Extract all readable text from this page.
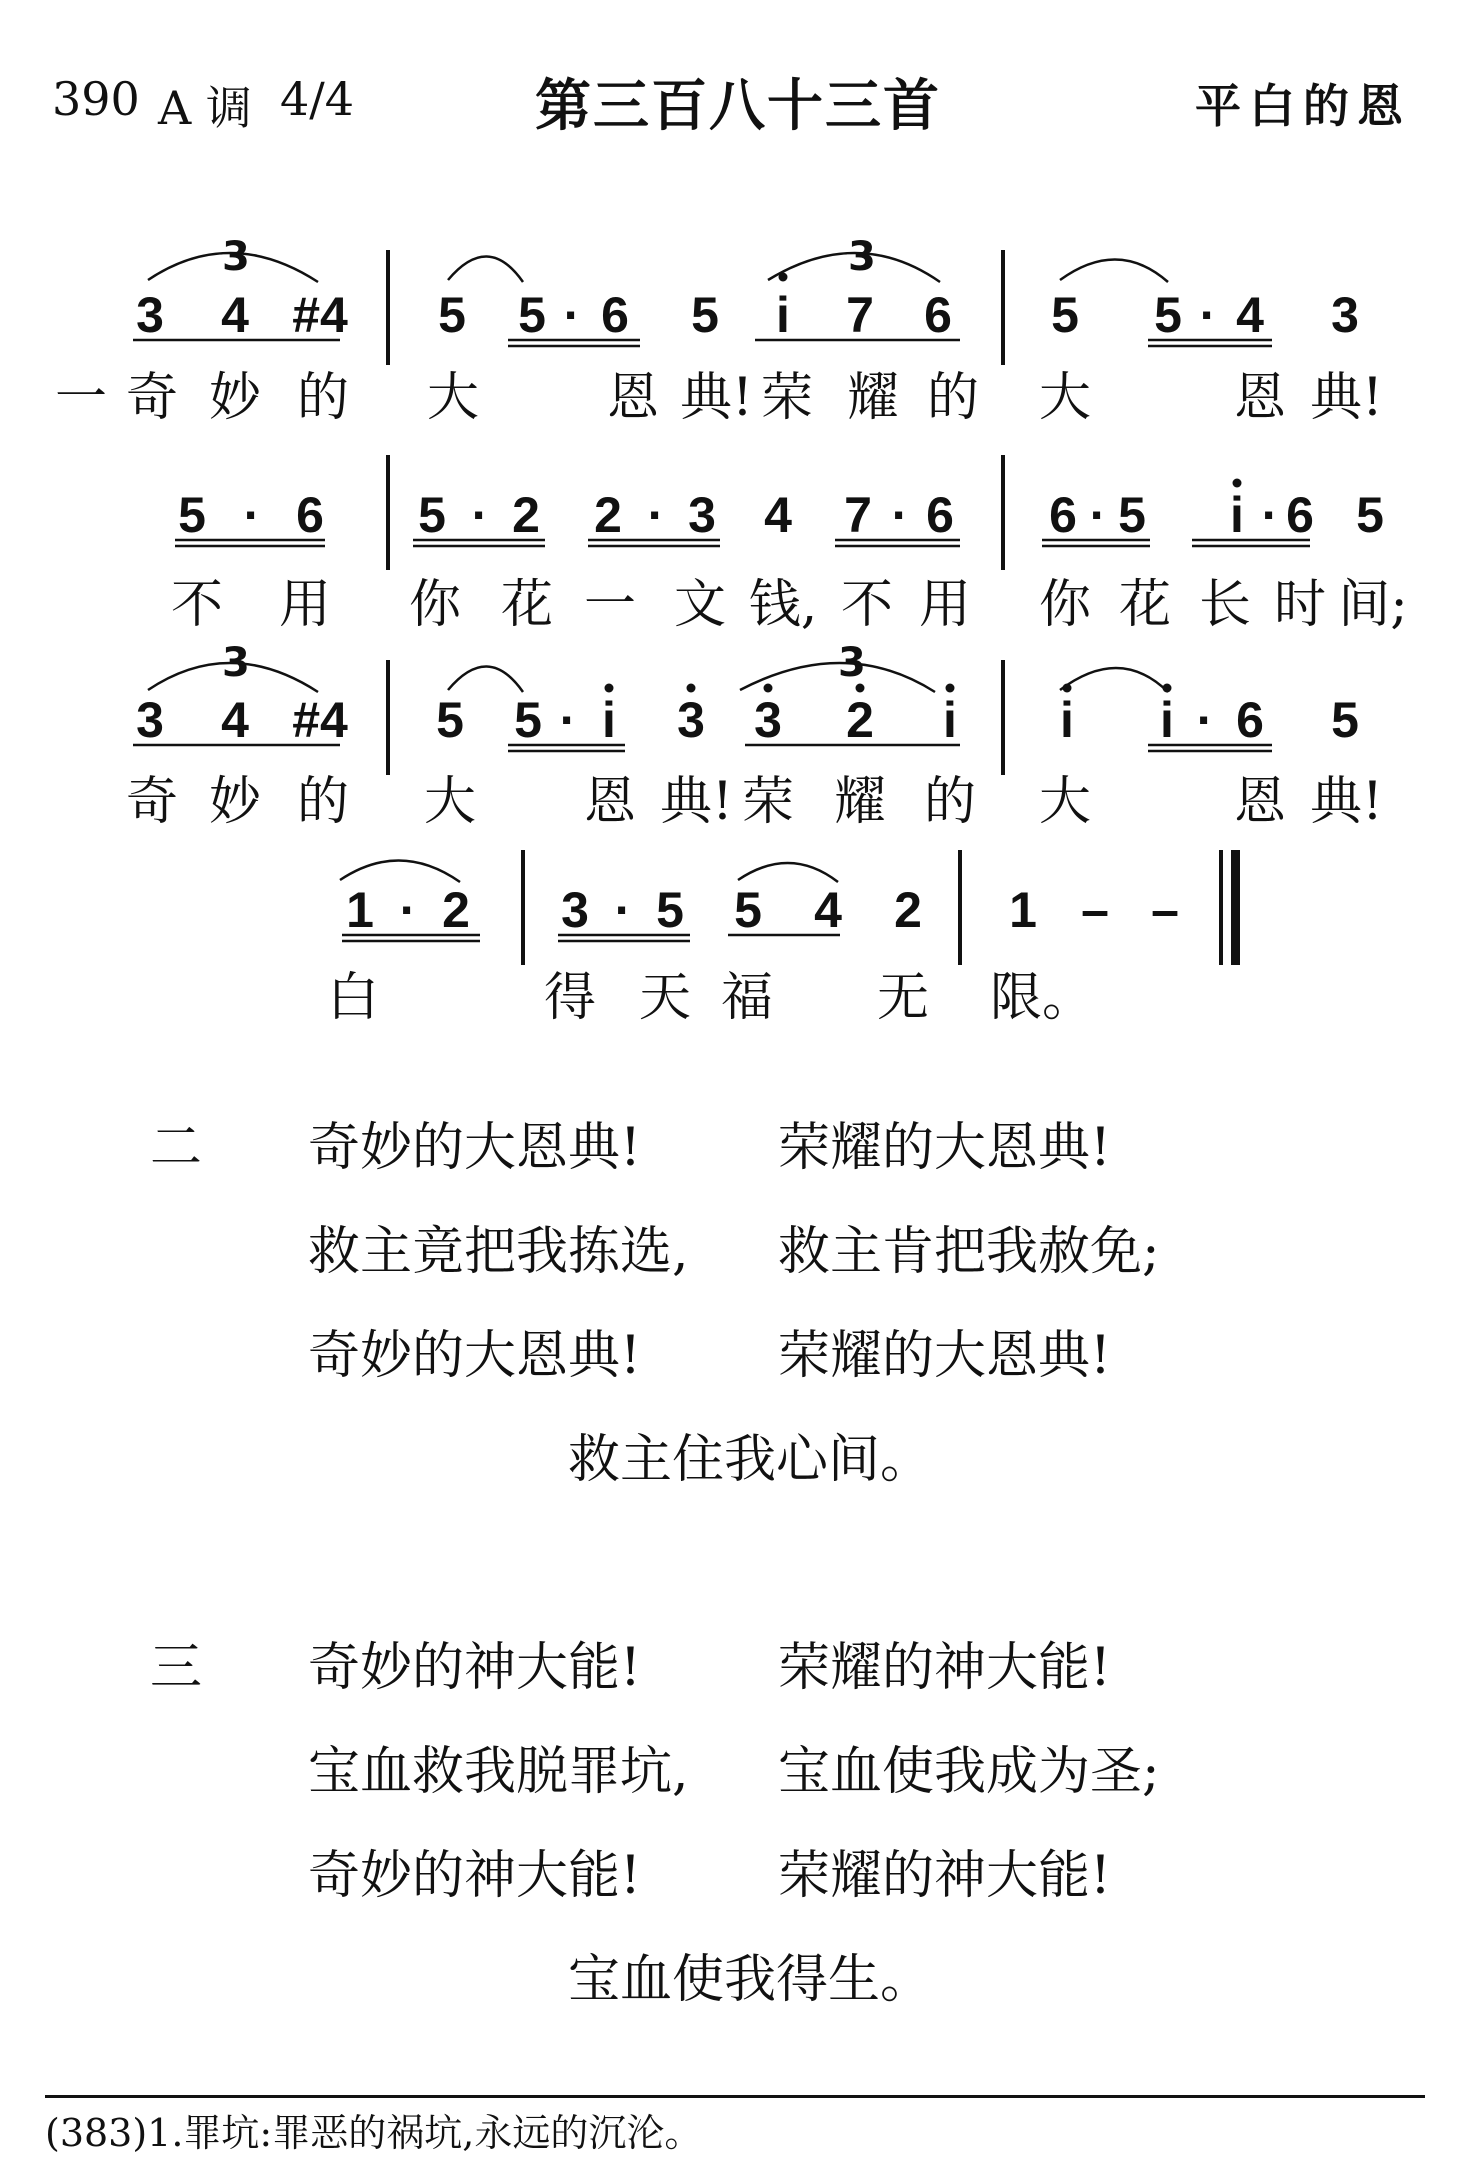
390 A 调 4/4	第三百八十三首	平白的恩
3	3
3	3
3 4 #4 5 5 · 6 5 i 7 6 5 5 · 4 3
一 奇 妙 的 大 恩 典! 荣 耀 的 大	恩 典!
5 · 6 5 · 2 2 · 3 4 7 · 6 6 · 5 i · 6 5
不 用 你 花 一 文 钱, 不 用 你 花 长 时 间;
3 4 #4 5 5 · i 3 3 2 i i i · 6 5
奇 妙 的 大 恩 典! 荣 耀 的 大	恩 典!
1 · 2 3 · 5 5 4 2 1 – –
白	得 天 福 无 限。
二 奇妙的大恩典!	荣耀的大恩典!
救主竟把我拣选, 救主肯把我赦免;
奇妙的大恩典!	荣耀的大恩典!
救主住我心间。
三 奇妙的神大能!	荣耀的神大能!
宝血救我脱罪坑, 宝血使我成为圣;
奇妙的神大能!	荣耀的神大能!
宝血使我得生。
(383)1.罪坑:罪恶的祸坑,永远的沉沦。
